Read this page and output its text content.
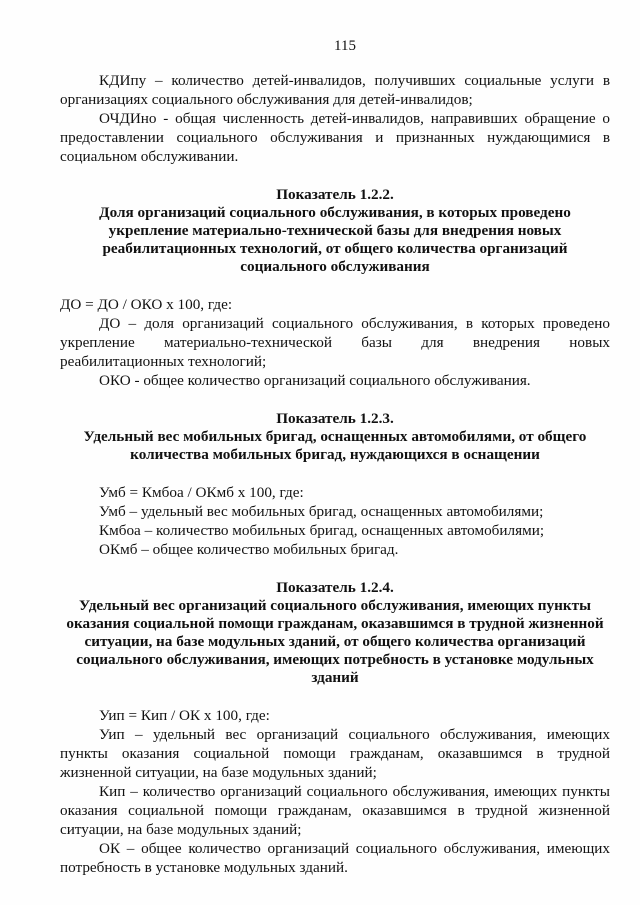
115

КДИпу – количество детей-инвалидов, получивших социальные услуги в организациях социального обслуживания для детей-инвалидов;

ОЧДИно - общая численность детей-инвалидов, направивших обращение о предоставлении социального обслуживания и признанных нуждающимися в социальном обслуживании.

Показатель 1.2.2.
Доля организаций социального обслуживания, в которых проведено укрепление материально-технической базы для внедрения новых реабилитационных технологий, от общего количества организаций социального обслуживания

ДО = ДО / ОКО х 100, где:

ДО – доля организаций социального обслуживания, в которых проведено укрепление материально-технической базы для внедрения новых реабилитационных технологий;

ОКО - общее количество организаций социального обслуживания.

Показатель 1.2.3.
Удельный вес мобильных бригад, оснащенных автомобилями, от общего количества мобильных бригад, нуждающихся в оснащении

Умб = Кмбоа / ОКмб х 100, где:

Умб – удельный вес мобильных бригад, оснащенных автомобилями;

Кмбоа – количество мобильных бригад, оснащенных автомобилями;

ОКмб – общее количество мобильных бригад.

Показатель 1.2.4.
Удельный вес организаций социального обслуживания, имеющих пункты оказания социальной помощи гражданам, оказавшимся в трудной жизненной ситуации, на базе модульных зданий, от общего количества организаций социального обслуживания, имеющих потребность в установке модульных зданий

Уип = Кип / ОК х 100, где:

Уип – удельный вес организаций социального обслуживания, имеющих пункты оказания социальной помощи гражданам, оказавшимся в трудной жизненной ситуации, на базе модульных зданий;

Кип – количество организаций социального обслуживания, имеющих пункты оказания социальной помощи гражданам, оказавшимся в трудной жизненной ситуации, на базе модульных зданий;

ОК – общее количество организаций социального обслуживания, имеющих потребность в установке модульных зданий.
